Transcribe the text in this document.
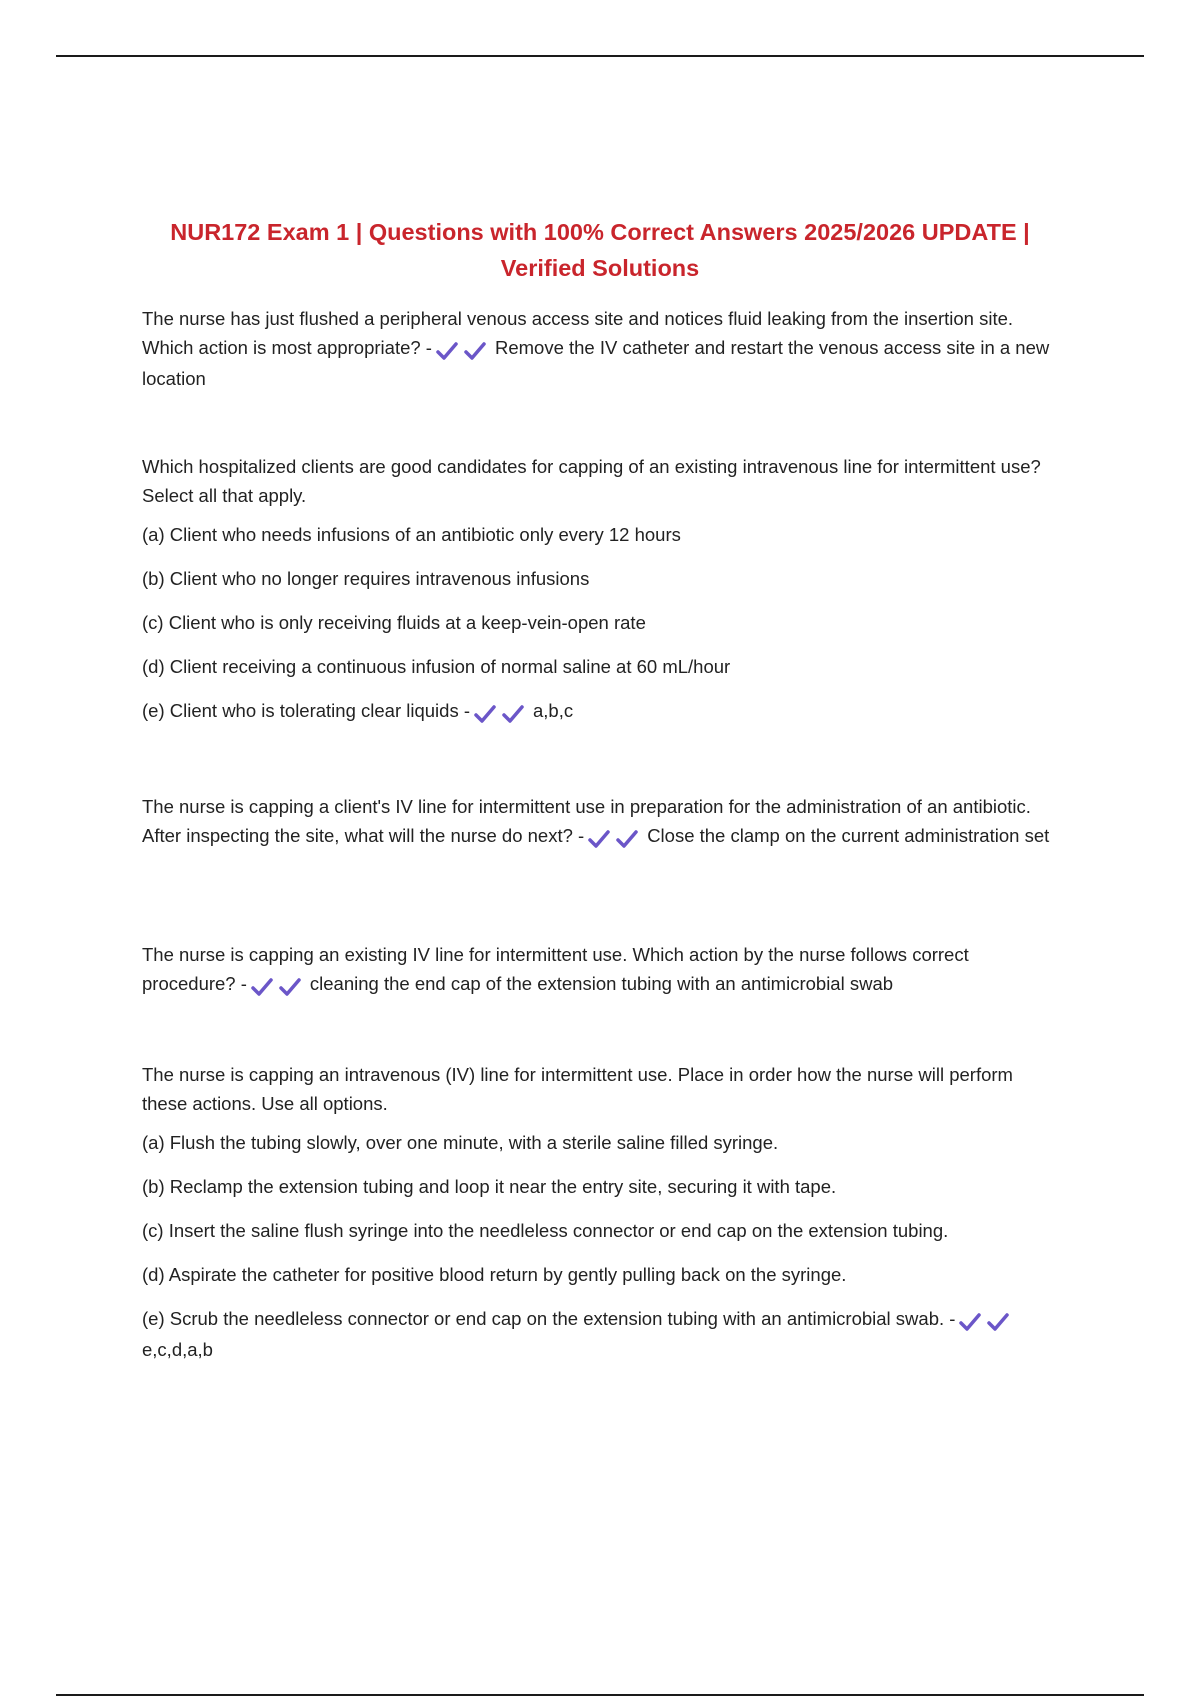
NUR172 Exam 1 | Questions with 100% Correct Answers 2025/2026 UPDATE |
Verified Solutions
The nurse has just flushed a peripheral venous access site and notices fluid leaking from the insertion site. Which action is most appropriate? -	Remove the IV catheter and restart the venous access site in a new location
Which hospitalized clients are good candidates for capping of an existing intravenous line for intermittent use? Select all that apply.
(a) Client who needs infusions of an antibiotic only every 12 hours
(b) Client who no longer requires intravenous infusions
(c) Client who is only receiving fluids at a keep-vein-open rate
(d) Client receiving a continuous infusion of normal saline at 60 mL/hour
(e) Client who is tolerating clear liquids -	a,b,c
The nurse is capping a client's IV line for intermittent use in preparation for the administration of an antibiotic. After inspecting the site, what will the nurse do next? -	Close the clamp on the current administration set
The nurse is capping an existing IV line for intermittent use. Which action by the nurse follows correct procedure? -	cleaning the end cap of the extension tubing with an antimicrobial swab
The nurse is capping an intravenous (IV) line for intermittent use. Place in order how the nurse will perform these actions. Use all options.
(a) Flush the tubing slowly, over one minute, with a sterile saline filled syringe.
(b) Reclamp the extension tubing and loop it near the entry site, securing it with tape.
(c) Insert the saline flush syringe into the needleless connector or end cap on the extension tubing.
(d) Aspirate the catheter for positive blood return by gently pulling back on the syringe.
(e) Scrub the needleless connector or end cap on the extension tubing with an antimicrobial swab. -
e,c,d,a,b
